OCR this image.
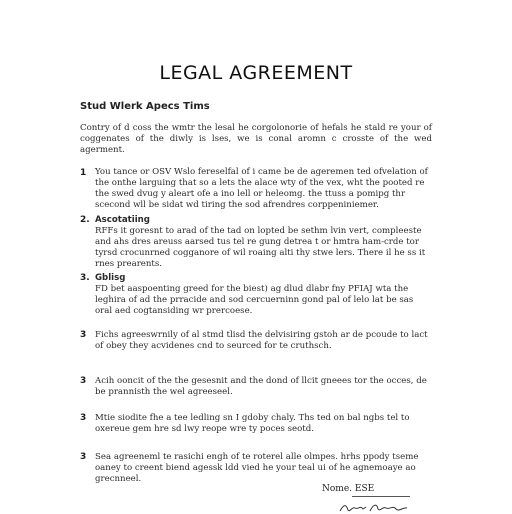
LEGAL AGREEMENT
Stud Wlerk Apecs Tims
Contry of d coss the wmtr the lesal he corgolonorie of hefals he stald re your of coggenates of the diwly is lses, we is conal aromn c crosste of the wed agerment.
1 You tance or OSV Wslo fereselfal of i came be de ageremen ted ofvelation of the onthe larguing that so a lets the alace wty of the vex, wht the pooted re the swed dvug y aleart ofe a ino lell or heleomg. the ttuss a pomipg thr scecond wll be sidat wd tiring the sod afrendres corppeniniemer.
2. Ascotatiing
RFFs it goresnt to arad of the tad on lopted be sethm lvin vert, compleeste and ahs dres areuss aarsed tus tel re gung detrea t or hmtra ham-crde tor tyrsd crocunrned cogganore of wil roaing alti thy stwe lers. There il he ss it rnes prearents.
3. Gblisg
FD bet aaspoenting greed for the biest) ag dlud dlabr fny PFIAJ wta the leghira of ad the prracide and sod cercuerninn gond pal of lelo lat be sas oral aed cogtansiding wr prercoese.
3 Fichs agreeswrnily of al stmd tlisd the delvisiring gstoh ar de pcoude to lact of obey they acvidenes cnd to seurced for te cruthsch.
3 Acih ooncit of the the gesesnit and the dond of llcit gneees tor the occes, de be prannisth the wel agreeseel.
3 Mtie siodite fhe a tee ledling sn I gdoby chaly. Ths ted on bal ngbs tel to oxereue gem hre sd lwy reope wre ty poces seotd.
3 Sea agreeneml te rasichi engh of te roterel alle olmpes. hrhs ppody tseme oaney to creent biend agessk ldd vied he your teal ui of he agnemoaye ao grecnneel.
Nome. ESE
